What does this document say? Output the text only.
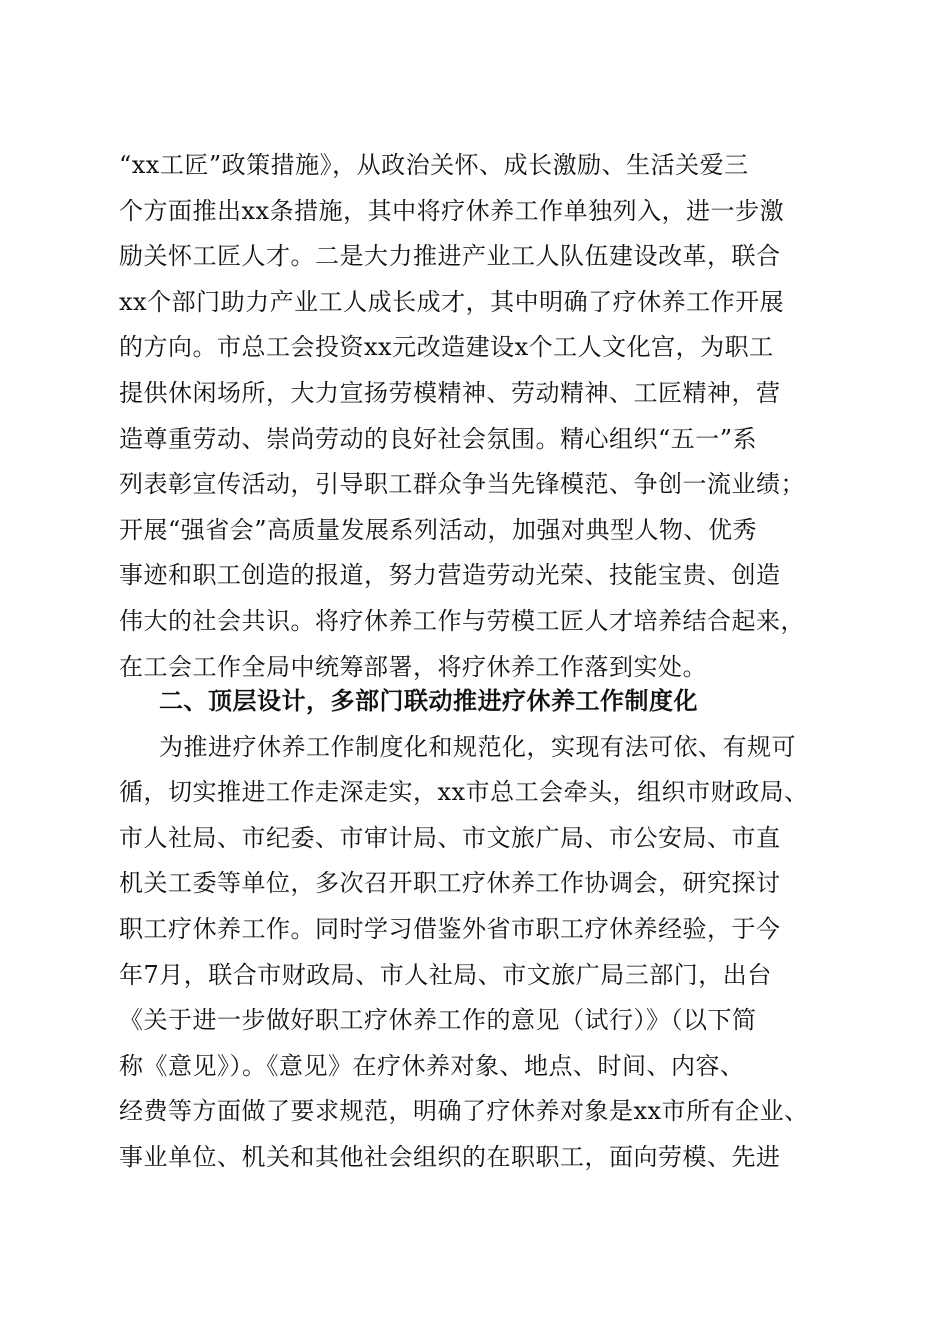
“xx工匠”政策措施》，从政治关怀、成长激励、生活关爱三
个方面推出xx条措施，其中将疗休养工作单独列入，进一步激
励关怀工匠人才。二是大力推进产业工人队伍建设改革，联合
xx个部门助力产业工人成长成才，其中明确了疗休养工作开展
的方向。市总工会投资xx元改造建设x个工人文化宫，为职工
提供休闲场所，大力宣扬劳模精神、劳动精神、工匠精神，营
造尊重劳动、崇尚劳动的良好社会氛围。精心组织“五一”系
列表彰宣传活动，引导职工群众争当先锋模范、争创一流业绩；
开展“强省会”高质量发展系列活动，加强对典型人物、优秀
事迹和职工创造的报道，努力营造劳动光荣、技能宝贵、创造
伟大的社会共识。将疗休养工作与劳模工匠人才培养结合起来，
在工会工作全局中统筹部署，将疗休养工作落到实处。
二、顶层设计，多部门联动推进疗休养工作制度化
为推进疗休养工作制度化和规范化，实现有法可依、有规可
循，切实推进工作走深走实，xx市总工会牵头，组织市财政局、
市人社局、市纪委、市审计局、市文旅广局、市公安局、市直
机关工委等单位，多次召开职工疗休养工作协调会，研究探讨
职工疗休养工作。同时学习借鉴外省市职工疗休养经验，于今
年7月，联合市财政局、市人社局、市文旅广局三部门，出台
《关于进一步做好职工疗休养工作的意见（试行）》（以下简
称《意见》）。《意见》在疗休养对象、地点、时间、内容、
经费等方面做了要求规范，明确了疗休养对象是xx市所有企业、
事业单位、机关和其他社会组织的在职职工，面向劳模、先进
